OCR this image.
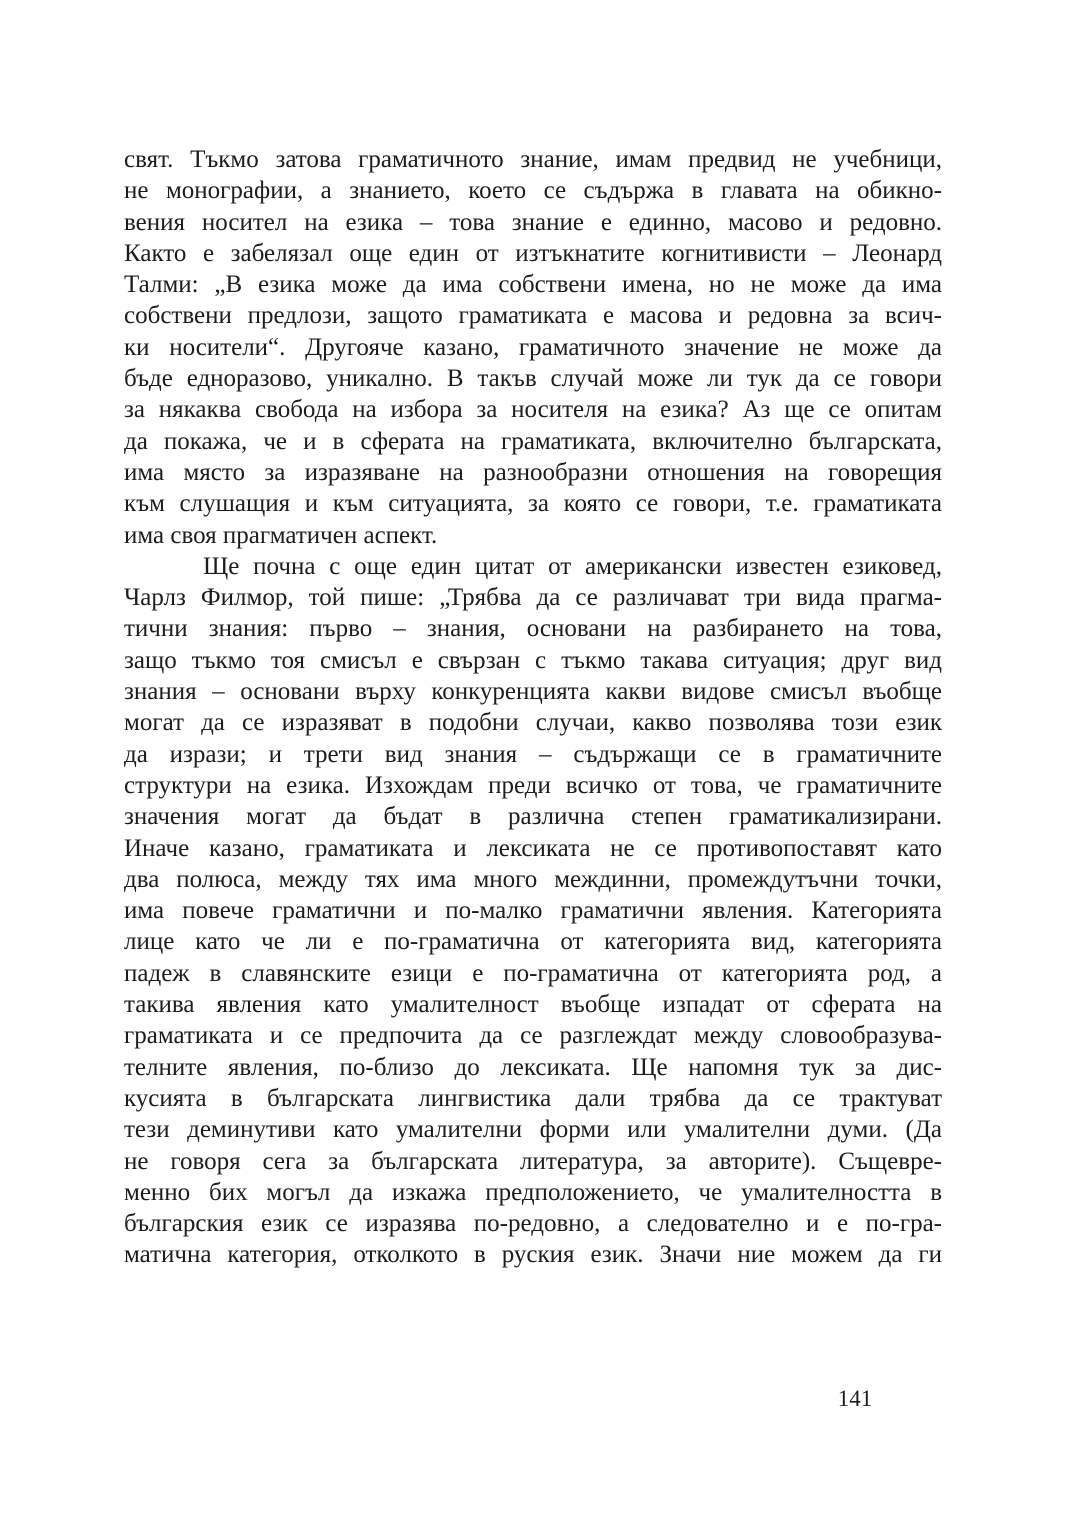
свят. Тъкмо затова граматичното знание, имам предвид не учебници,
не монографии, а знанието, което се съдържа в главата на обикно-
вения носител на езика – това знание е единно, масово и редовно.
Както е забелязал още един от изтъкнатите когнитивисти – Леонард
Талми: „В езика може да има собствени имена, но не може да има
собствени предлози, защото граматиката е масова и редовна за всич-
ки носители“. Другояче казано, граматичното значение не може да
бъде едноразово, уникално. В такъв случай може ли тук да се говори
за някаква свобода на избора за носителя на езика? Аз ще се опитам
да покажа, че и в сферата на граматиката, включително българската,
има място за изразяване на разнообразни отношения на говорещия
към слушащия и към ситуацията, за която се говори, т.е. граматиката
има своя прагматичен аспект.
Ще почна с още един цитат от американски известен езиковед,
Чарлз Филмор, той пише: „Трябва да се различават три вида прагма-
тични знания: първо – знания, основани на разбирането на това,
защо тъкмо тоя смисъл е свързан с тъкмо такава ситуация; друг вид
знания – основани върху конкуренцията какви видове смисъл въобще
могат да се изразяват в подобни случаи, какво позволява този език
да изрази; и трети вид знания – съдържащи се в граматичните
структури на езика. Изхождам преди всичко от това, че граматичните
значения могат да бъдат в различна степен граматикализирани.
Иначе казано, граматиката и лексиката не се противопоставят като
два полюса, между тях има много междинни, промеждутъчни точки,
има повече граматични и по-малко граматични явления. Категорията
лице като че ли е по-граматична от категорията вид, категорията
падеж в славянските езици е по-граматична от категорията род, а
такива явления като умалителност въобще изпадат от сферата на
граматиката и се предпочита да се разглеждат между словообразува-
телните явления, по-близо до лексиката. Ще напомня тук за дис-
кусията в българската лингвистика дали трябва да се трактуват
тези деминутиви като умалителни форми или умалителни думи. (Да
не говоря сега за българската литература, за авторите). Същевре-
менно бих могъл да изкажа предположението, че умалителността в
българския език се изразява по-редовно, а следователно и е по-гра-
матична категория, отколкото в руския език. Значи ние можем да ги
141
